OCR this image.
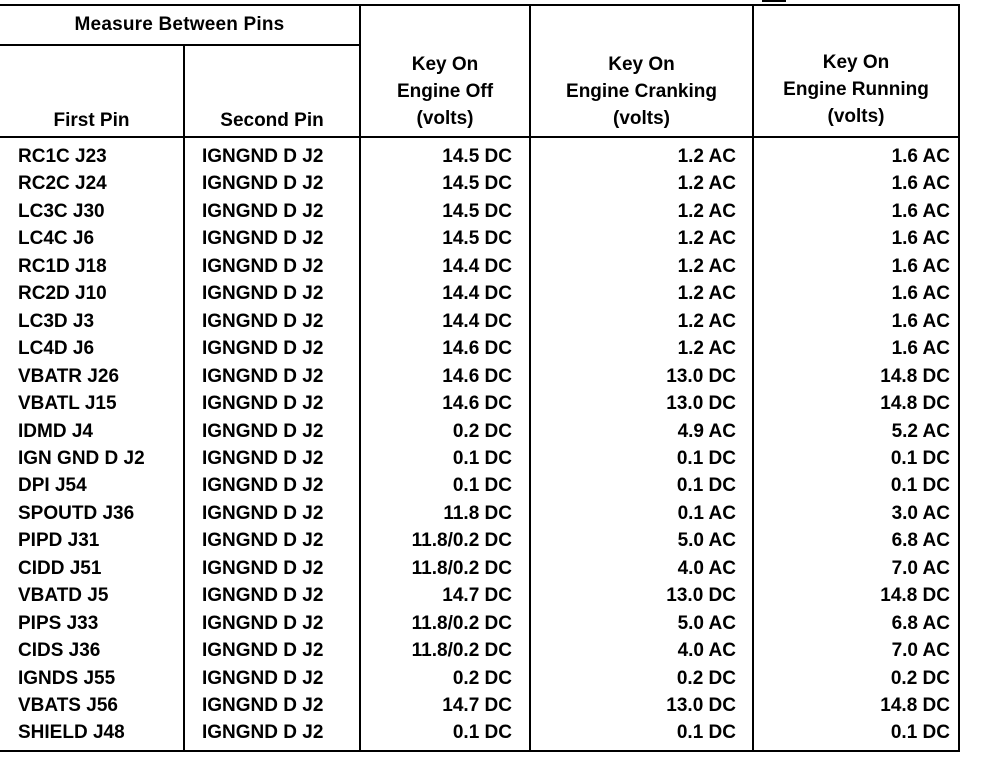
Measure Between Pins
First Pin	Second Pin
Key On
Engine Off
(volts)
Key On
Engine Cranking
(volts)
Key On
Engine Running
(volts)
RC1C J23	IGNGND D J2	14.5 DC	1.2 AC	1.6 AC
RC2C J24	IGNGND D J2	14.5 DC	1.2 AC	1.6 AC
LC3C J30	IGNGND D J2	14.5 DC	1.2 AC	1.6 AC
LC4C J6	IGNGND D J2	14.5 DC	1.2 AC	1.6 AC
RC1D J18	IGNGND D J2	14.4 DC	1.2 AC	1.6 AC
RC2D J10	IGNGND D J2	14.4 DC	1.2 AC	1.6 AC
LC3D J3	IGNGND D J2	14.4 DC	1.2 AC	1.6 AC
LC4D J6	IGNGND D J2	14.6 DC	1.2 AC	1.6 AC
VBATR J26	IGNGND D J2	14.6 DC	13.0 DC	14.8 DC
VBATL J15	IGNGND D J2	14.6 DC	13.0 DC	14.8 DC
IDMD J4	IGNGND D J2	0.2 DC	4.9 AC	5.2 AC
IGN GND D J2	IGNGND D J2	0.1 DC	0.1 DC	0.1 DC
DPI J54	IGNGND D J2	0.1 DC	0.1 DC	0.1 DC
SPOUTD J36	IGNGND D J2	11.8 DC	0.1 AC	3.0 AC
PIPD J31	IGNGND D J2	11.8/0.2 DC	5.0 AC	6.8 AC
CIDD J51	IGNGND D J2	11.8/0.2 DC	4.0 AC	7.0 AC
VBATD J5	IGNGND D J2	14.7 DC	13.0 DC	14.8 DC
PIPS J33	IGNGND D J2	11.8/0.2 DC	5.0 AC	6.8 AC
CIDS J36	IGNGND D J2	11.8/0.2 DC	4.0 AC	7.0 AC
IGNDS J55	IGNGND D J2	0.2 DC	0.2 DC	0.2 DC
VBATS J56	IGNGND D J2	14.7 DC	13.0 DC	14.8 DC
SHIELD J48	IGNGND D J2	0.1 DC	0.1 DC	0.1 DC
